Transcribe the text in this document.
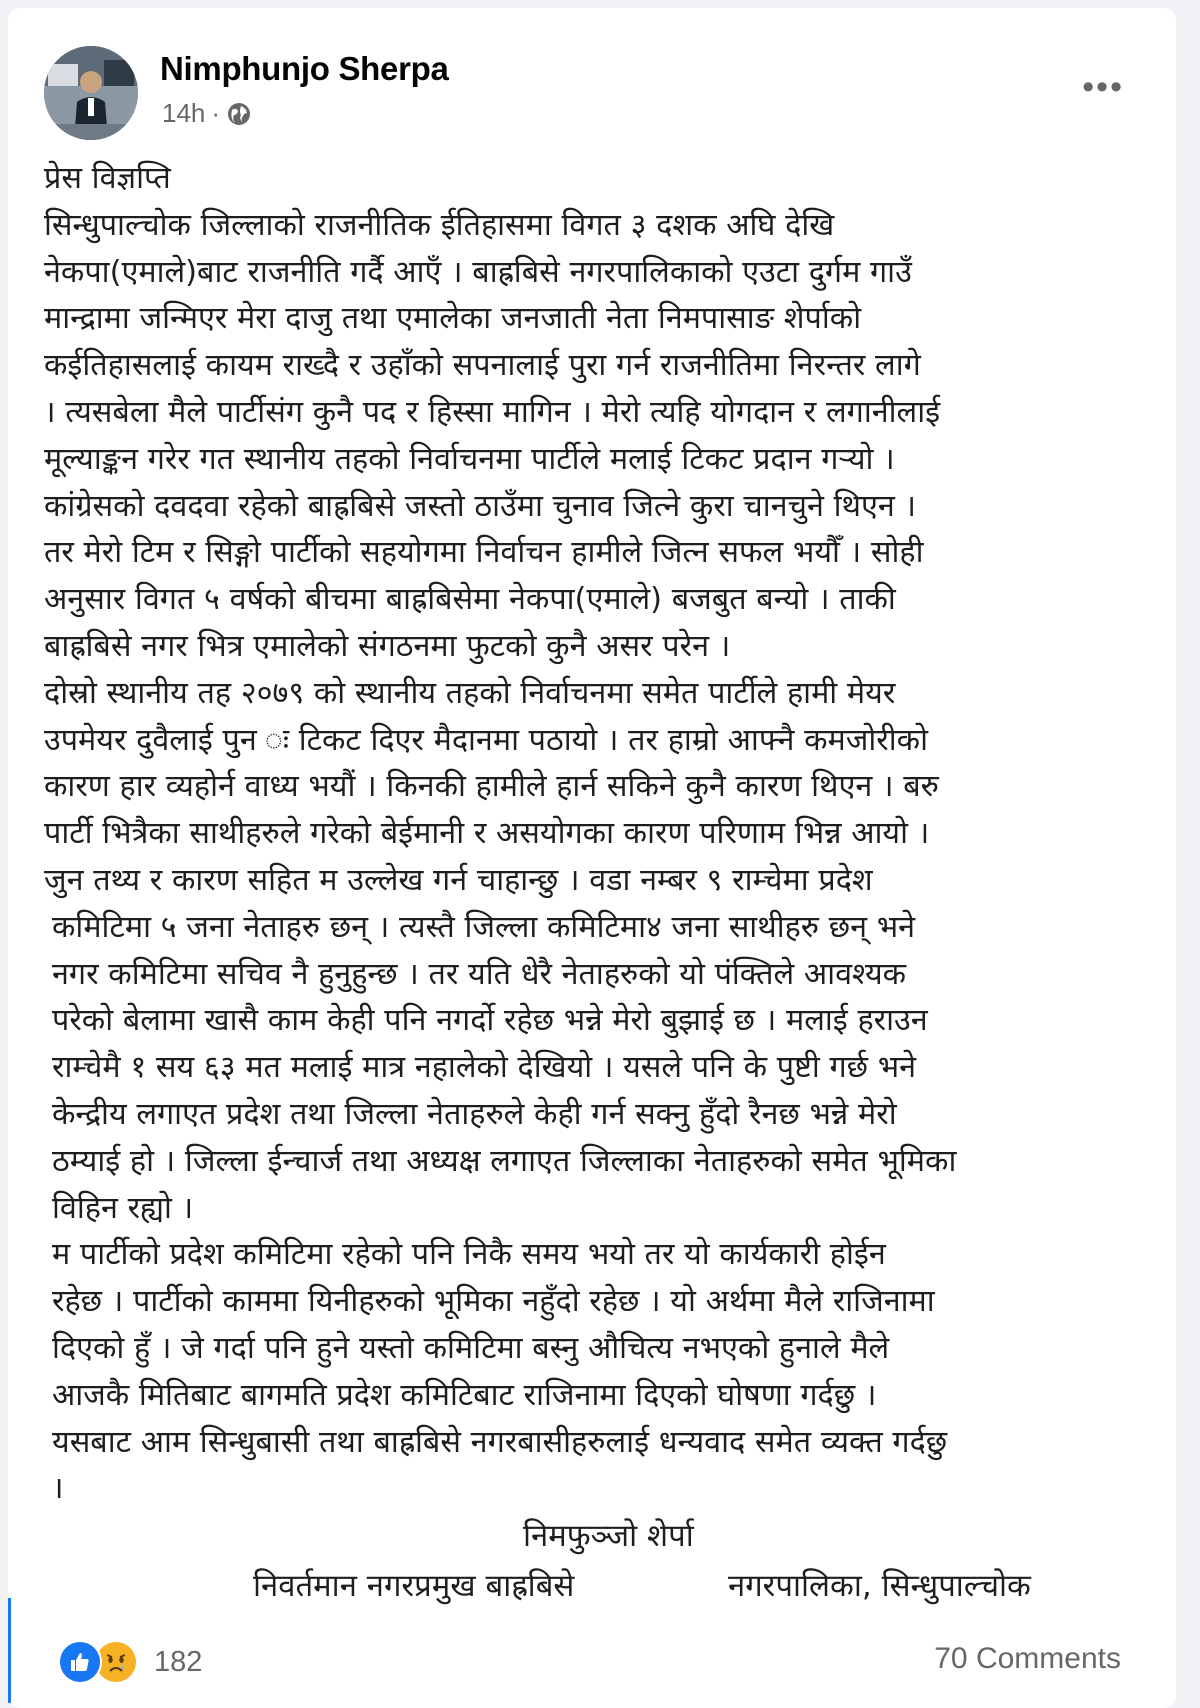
Nimphunjo Sherpa
14h ·
•••

प्रेस विज्ञप्ति

सिन्धुपाल्चोक जिल्लाको राजनीतिक ईतिहासमा विगत ३ दशक अघि देखि

नेकपा(एमाले)बाट राजनीति गर्दै आएँ । बाह्रबिसे नगरपालिकाको एउटा दुर्गम गाउँ

मान्द्रामा जन्मिएर मेरा दाजु तथा एमालेका जनजाती नेता निमपासाङ शेर्पाको

कईतिहासलाई कायम राख्दै र उहाँको सपनालाई पुरा गर्न राजनीतिमा निरन्तर लागे

। त्यसबेला मैले पार्टीसंग कुनै पद र हिस्सा मागिन । मेरो त्यहि योगदान र लगानीलाई

मूल्याङ्कन गरेर गत स्थानीय तहको निर्वाचनमा पार्टीले मलाई टिकट प्रदान गर्‍यो ।

कांग्रेसको दवदवा रहेको बाह्रबिसे जस्तो ठाउँमा चुनाव जित्ने कुरा चानचुने थिएन ।

तर मेरो टिम र सिङ्गो पार्टीको सहयोगमा निर्वाचन हामीले जित्न सफल भयौँ । सोही

अनुसार विगत ५ वर्षको बीचमा बाह्रबिसेमा नेकपा(एमाले) बजबुत बन्यो । ताकी

बाह्रबिसे नगर भित्र एमालेको संगठनमा फुटको कुनै असर परेन ।

दोस्रो स्थानीय तह २०७९ को स्थानीय तहको निर्वाचनमा समेत पार्टीले हामी मेयर

उपमेयर दुवैलाई पुन ः टिकट दिएर मैदानमा पठायो । तर हाम्रो आफ्नै कमजोरीको

कारण हार व्यहोर्न वाध्य भयौं । किनकी हामीले हार्न सकिने कुनै कारण थिएन । बरु

पार्टी भित्रैका साथीहरुले गरेको बेईमानी र असयोगका कारण परिणाम भिन्न आयो ।

जुन तथ्य र कारण सहित म उल्लेख गर्न चाहान्छु । वडा नम्बर ९ राम्चेमा प्रदेश

कमिटिमा ५ जना नेताहरु छन् । त्यस्तै जिल्ला कमिटिमा४ जना साथीहरु छन् भने

नगर कमिटिमा सचिव नै हुनुहुन्छ । तर यति धेरै नेताहरुको यो पंक्तिले आवश्यक

परेको बेलामा खासै काम केही पनि नगर्दो रहेछ भन्ने मेरो बुझाई छ । मलाई हराउन

राम्चेमै १ सय ६३ मत मलाई मात्र नहालेको देखियो । यसले पनि के पुष्टी गर्छ भने

केन्द्रीय लगाएत प्रदेश तथा जिल्ला नेताहरुले केही गर्न सक्नु हुँदो रैनछ भन्ने मेरो

ठम्याई हो । जिल्ला ईन्चार्ज तथा अध्यक्ष लगाएत जिल्लाका नेताहरुको समेत भूमिका

विहिन रह्यो ।

म पार्टीको प्रदेश कमिटिमा रहेको पनि निकै समय भयो तर यो कार्यकारी होईन

रहेछ । पार्टीको काममा यिनीहरुको भूमिका नहुँदो रहेछ । यो अर्थमा मैले राजिनामा

दिएको हुँ । जे गर्दा पनि हुने यस्तो कमिटिमा बस्नु औचित्य नभएको हुनाले मैले

आजकै मितिबाट बागमति प्रदेश कमिटिबाट राजिनामा दिएको घोषणा गर्दछु ।

यसबाट आम सिन्धुबासी तथा बाह्रबिसे नगरबासीहरुलाई धन्यवाद समेत व्यक्त गर्दछु

।

निमफुञ्जो शेर्पा
निवर्तमान नगरप्रमुख बाह्रबिसे	नगरपालिका, सिन्धुपाल्चोक
182	70 Comments
